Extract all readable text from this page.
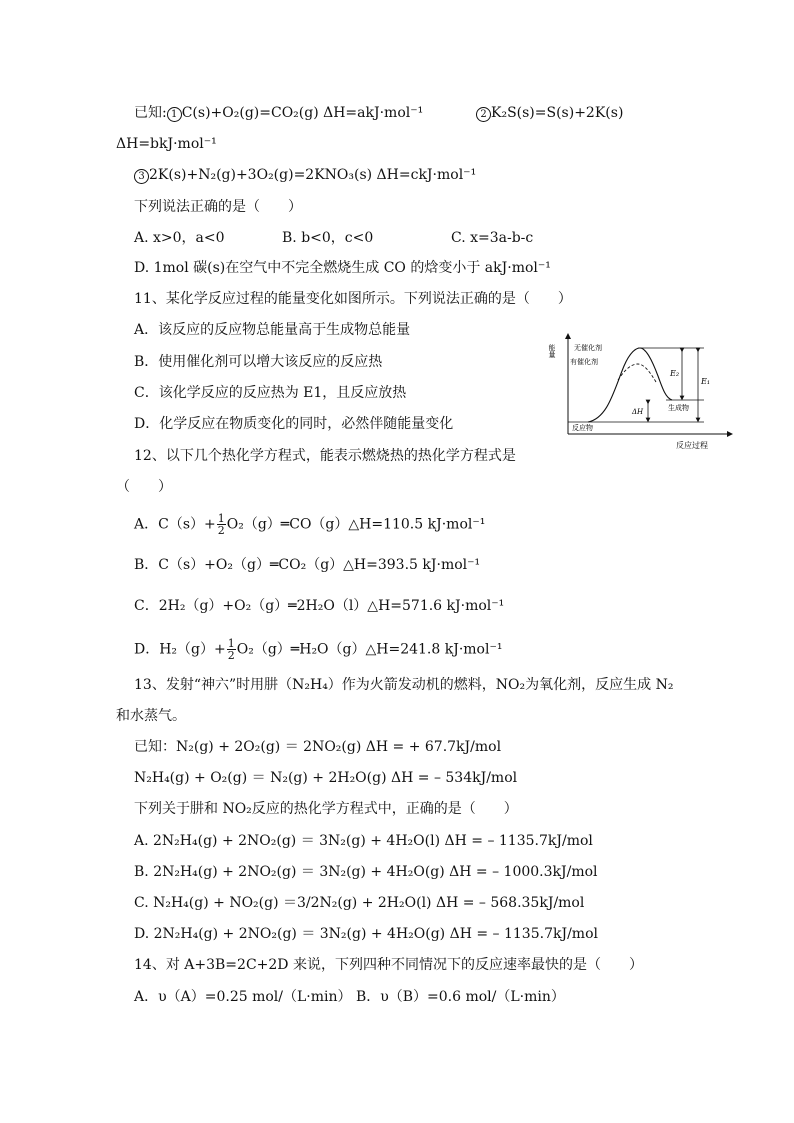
已知: 1 C(s)+O₂(g)=CO₂(g) ΔH=akJ·mol⁻¹	2 K₂S(s)=S(s)+2K(s)
ΔH=bkJ·mol⁻¹
3 2K(s)+N₂(g)+3O₂(g)=2KNO₃(s) ΔH=ckJ·mol⁻¹
下列说法正确的是（　　）
A. x>0，a<0	B. b<0，c<0	C. x=3a-b-c
D. 1mol 碳(s)在空气中不完全燃烧生成 CO 的焓变小于 akJ·mol⁻¹
11、某化学反应过程的能量变化如图所示。下列说法正确的是（　　）
A．该反应的反应物总能量高于生成物总能量
B．使用催化剂可以增大该反应的反应热
C．该化学反应的反应热为 E1，且反应放热
D．化学反应在物质变化的同时，必然伴随能量变化
能量
反应过程
反应物
生成物
无催化剂
有催化剂
E₂
E₁
ΔH
12、以下几个热化学方程式，能表示燃烧热的热化学方程式是
（　　）
A．$C(s)+ \frac{1}{2}$ O₂（g）═CO（g）△H=110.5 kJ·mol⁻¹
B．C（s）+O₂（g）═CO₂（g）△H=393.5 kJ·mol⁻¹
C．2H₂（g）+O₂（g）═2H₂O（l）△H=571.6 kJ·mol⁻¹
D．$H_2(g)+ \frac{1}{2}$ O₂（g）═H₂O（g）△H=241.8 kJ·mol⁻¹
13、发射“神六”时用肼（N₂H₄）作为火箭发动机的燃料，NO₂为氧化剂，反应生成 N₂
和水蒸气。
已知：N₂(g) + 2O₂(g) ＝ 2NO₂(g) ΔH = + 67.7kJ/mol
N₂H₄(g) + O₂(g) ＝ N₂(g) + 2H₂O(g) ΔH = – 534kJ/mol
下列关于肼和 NO₂反应的热化学方程式中，正确的是（　　）
A. 2N₂H₄(g) + 2NO₂(g) ＝ 3N₂(g) + 4H₂O(l) ΔH = – 1135.7kJ/mol
B. 2N₂H₄(g) + 2NO₂(g) ＝ 3N₂(g) + 4H₂O(g) ΔH = – 1000.3kJ/mol
C. N₂H₄(g) + NO₂(g) ＝3/2N₂(g) + 2H₂O(l) ΔH = – 568.35kJ/mol
D. 2N₂H₄(g) + 2NO₂(g) ＝ 3N₂(g) + 4H₂O(g) ΔH = – 1135.7kJ/mol
14、对 A+3B=2C+2D 来说，下列四种不同情况下的反应速率最快的是（　　）
A．υ（A）=0.25 mol/（L·min） B．υ（B）=0.6 mol/（L·min）
